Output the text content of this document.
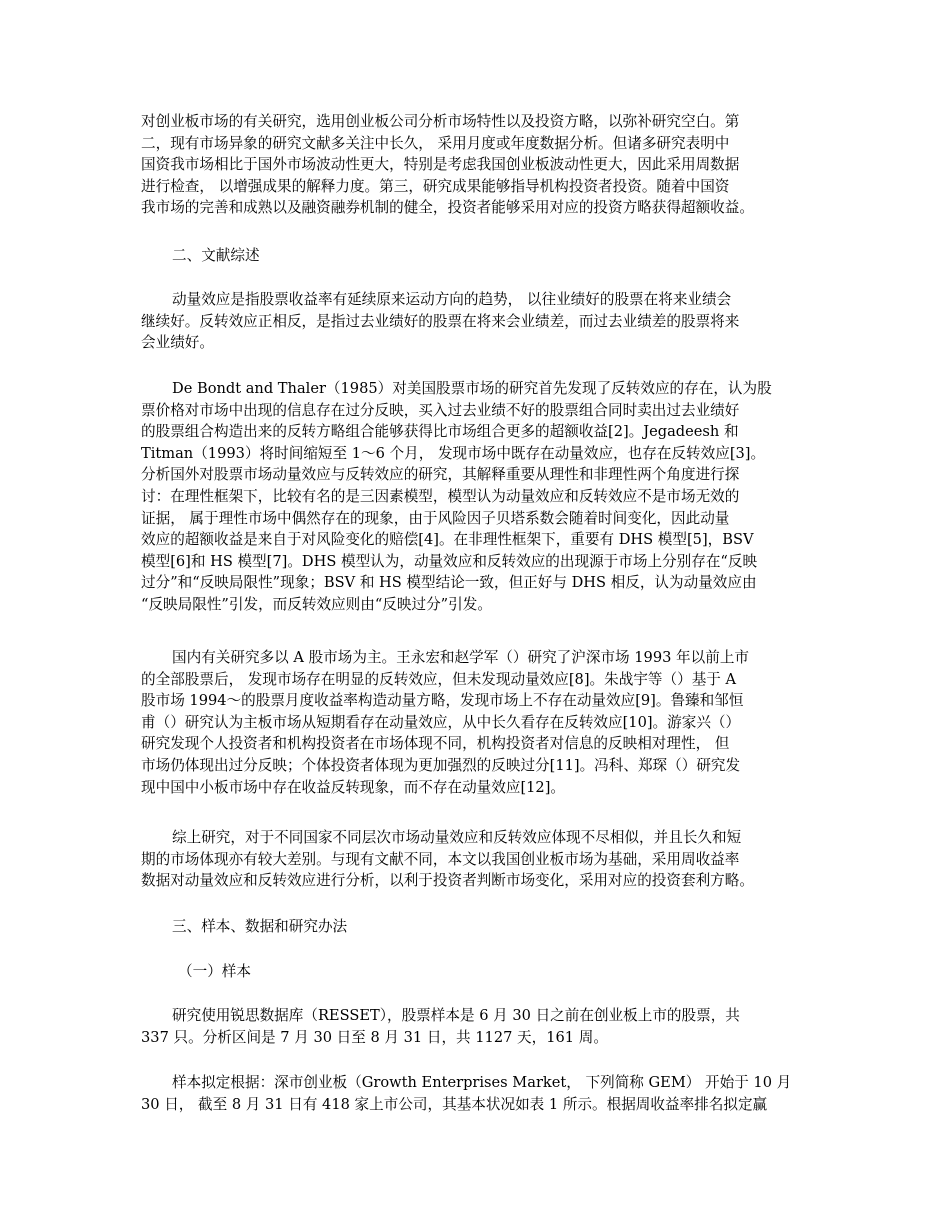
对创业板市场的有关研究，选用创业板公司分析市场特性以及投资方略，以弥补研究空白。第
二，现有市场异象的研究文献多关注中长久， 采用月度或年度数据分析。但诸多研究表明中
国资我市场相比于国外市场波动性更大，特别是考虑我国创业板波动性更大，因此采用周数据
进行检查， 以增强成果的解释力度。第三，研究成果能够指导机构投资者投资。随着中国资
我市场的完善和成熟以及融资融券机制的健全，投资者能够采用对应的投资方略获得超额收益。
二、文献综述
动量效应是指股票收益率有延续原来运动方向的趋势， 以往业绩好的股票在将来业绩会
继续好。反转效应正相反，是指过去业绩好的股票在将来会业绩差，而过去业绩差的股票将来
会业绩好。
De Bondt and Thaler（1985）对美国股票市场的研究首先发现了反转效应的存在，认为股
票价格对市场中出现的信息存在过分反映，买入过去业绩不好的股票组合同时卖出过去业绩好
的股票组合构造出来的反转方略组合能够获得比市场组合更多的超额收益[2]。Jegadeesh 和
Titman（1993）将时间缩短至 1～6 个月， 发现市场中既存在动量效应，也存在反转效应[3]。
分析国外对股票市场动量效应与反转效应的研究，其解释重要从理性和非理性两个角度进行探
讨：在理性框架下，比较有名的是三因素模型，模型认为动量效应和反转效应不是市场无效的
证据， 属于理性市场中偶然存在的现象，由于风险因子贝塔系数会随着时间变化，因此动量
效应的超额收益是来自于对风险变化的赔偿[4]。在非理性框架下，重要有 DHS 模型[5]，BSV
模型[6]和 HS 模型[7]。DHS 模型认为，动量效应和反转效应的出现源于市场上分别存在“反映
过分”和“反映局限性”现象；BSV 和 HS 模型结论一致，但正好与 DHS 相反，认为动量效应由
“反映局限性”引发，而反转效应则由“反映过分”引发。
国内有关研究多以 A 股市场为主。王永宏和赵学军（）研究了沪深市场 1993 年以前上市
的全部股票后， 发现市场存在明显的反转效应，但未发现动量效应[8]。朱战宇等（）基于 A
股市场 1994～的股票月度收益率构造动量方略，发现市场上不存在动量效应[9]。鲁臻和邹恒
甫（）研究认为主板市场从短期看存在动量效应，从中长久看存在反转效应[10]。游家兴（）
研究发现个人投资者和机构投资者在市场体现不同，机构投资者对信息的反映相对理性， 但
市场仍体现出过分反映；个体投资者体现为更加强烈的反映过分[11]。冯科、郑琛（）研究发
现中国中小板市场中存在收益反转现象，而不存在动量效应[12]。
综上研究，对于不同国家不同层次市场动量效应和反转效应体现不尽相似，并且长久和短
期的市场体现亦有较大差别。与现有文献不同，本文以我国创业板市场为基础，采用周收益率
数据对动量效应和反转效应进行分析，以利于投资者判断市场变化，采用对应的投资套利方略。
三、样本、数据和研究办法
（一）样本
研究使用锐思数据库（RESSET），股票样本是 6 月 30 日之前在创业板上市的股票，共
337 只。分析区间是 7 月 30 日至 8 月 31 日，共 1127 天，161 周。
样本拟定根据：深市创业板（Growth Enterprises Market， 下列简称 GEM） 开始于 10 月
30 日， 截至 8 月 31 日有 418 家上市公司，其基本状况如表 1 所示。根据周收益率排名拟定赢
